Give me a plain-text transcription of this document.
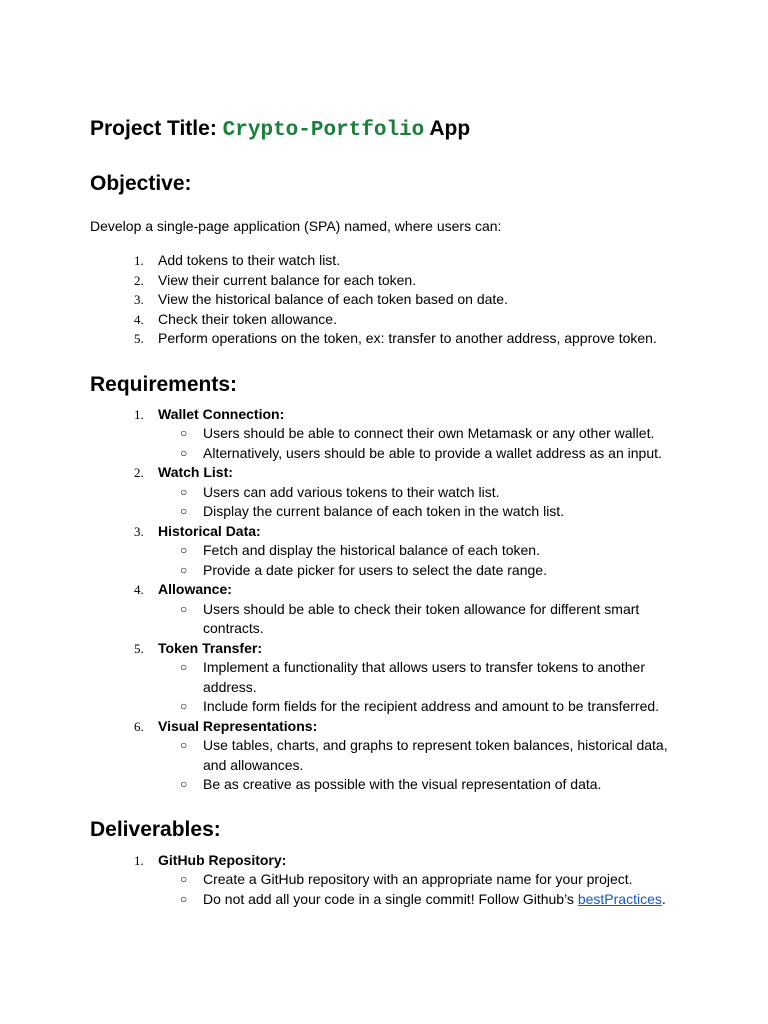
Project Title: Crypto-Portfolio App
Objective:

Develop a single-page application (SPA) named, where users can:

1. Add tokens to their watch list.
2. View their current balance for each token.
3. View the historical balance of each token based on date.
4. Check their token allowance.
5. Perform operations on the token, ex: transfer to another address, approve token.
Requirements:
1. Wallet Connection:
○ Users should be able to connect their own Metamask or any other wallet.
○ Alternatively, users should be able to provide a wallet address as an input.
2. Watch List:
○ Users can add various tokens to their watch list.
○ Display the current balance of each token in the watch list.
3. Historical Data:
○ Fetch and display the historical balance of each token.
○ Provide a date picker for users to select the date range.
4. Allowance:
○ Users should be able to check their token allowance for different smart contracts.
5. Token Transfer:
○ Implement a functionality that allows users to transfer tokens to another address.
○ Include form fields for the recipient address and amount to be transferred.
6. Visual Representations:
○ Use tables, charts, and graphs to represent token balances, historical data, and allowances.
○ Be as creative as possible with the visual representation of data.
Deliverables:
1. GitHub Repository:
○ Create a GitHub repository with an appropriate name for your project.
○ Do not add all your code in a single commit! Follow Github’s bestPractices.
